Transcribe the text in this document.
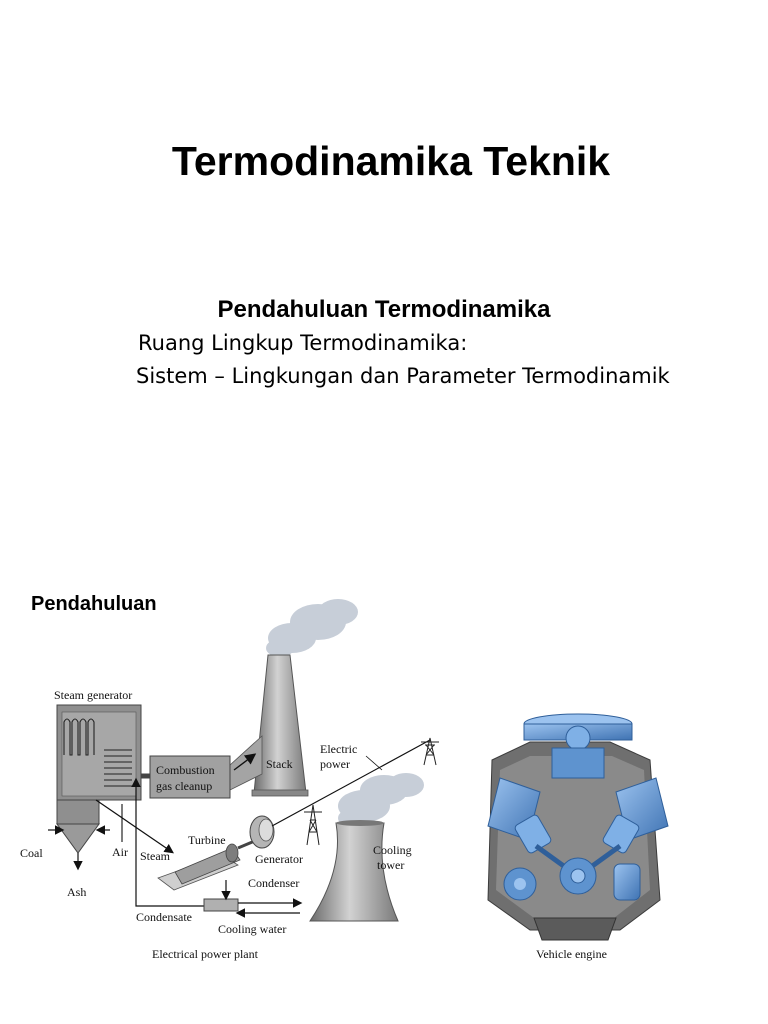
Termodinamika Teknik
Pendahuluan Termodinamika
Ruang Lingkup Termodinamika:
Sistem – Lingkungan dan Parameter Termodinamik
Steam generator
Combustion
gas cleanup
Stack
Electric
power
Coal	Air Steam
Ash
Turbine
Generator
Condenser
Cooling
tower
Condensate
Cooling water
Electrical power plant	Vehicle engine
Pendahuluan
